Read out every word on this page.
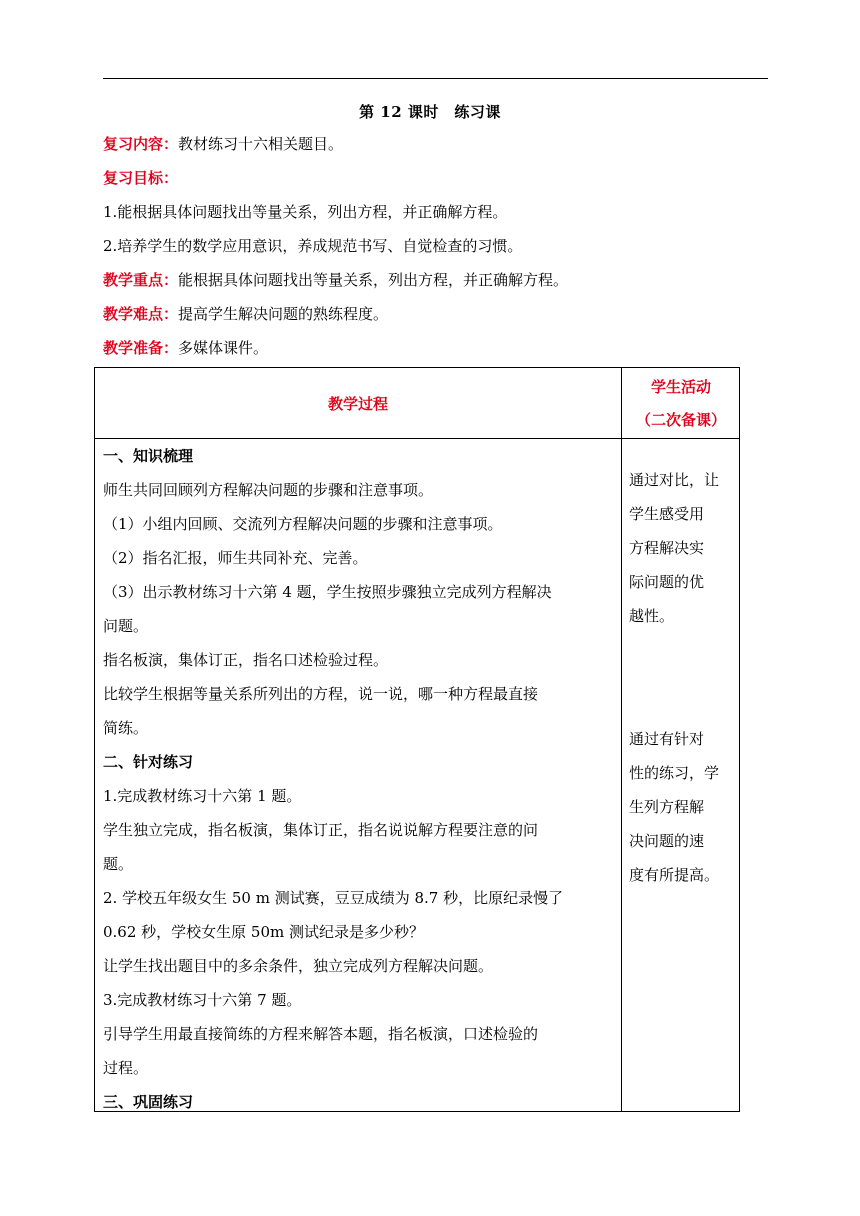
第 12 课时　练习课
复习内容：教材练习十六相关题目。
复习目标：
1.能根据具体问题找出等量关系，列出方程，并正确解方程。
2.培养学生的数学应用意识，养成规范书写、自觉检查的习惯。
教学重点：能根据具体问题找出等量关系，列出方程，并正确解方程。
教学难点：提高学生解决问题的熟练程度。
教学准备：多媒体课件。
教学过程
学生活动
（二次备课）

一、知识梳理

师生共同回顾列方程解决问题的步骤和注意事项。

（1）小组内回顾、交流列方程解决问题的步骤和注意事项。

（2）指名汇报，师生共同补充、完善。

（3）出示教材练习十六第 4 题，学生按照步骤独立完成列方程解决

问题。

指名板演，集体订正，指名口述检验过程。

比较学生根据等量关系所列出的方程，说一说，哪一种方程最直接

简练。

二、针对练习

1.完成教材练习十六第 1 题。

学生独立完成，指名板演，集体订正，指名说说解方程要注意的问

题。

2. 学校五年级女生 50 m 测试赛，豆豆成绩为 8.7 秒，比原纪录慢了

0.62 秒，学校女生原 50m 测试纪录是多少秒？

让学生找出题目中的多余条件，独立完成列方程解决问题。

3.完成教材练习十六第 7 题。

引导学生用最直接简练的方程来解答本题，指名板演，口述检验的

过程。

三、巩固练习

通过对比，让

学生感受用

方程解决实

际问题的优

越性。

通过有针对

性的练习，学

生列方程解

决问题的速

度有所提高。
